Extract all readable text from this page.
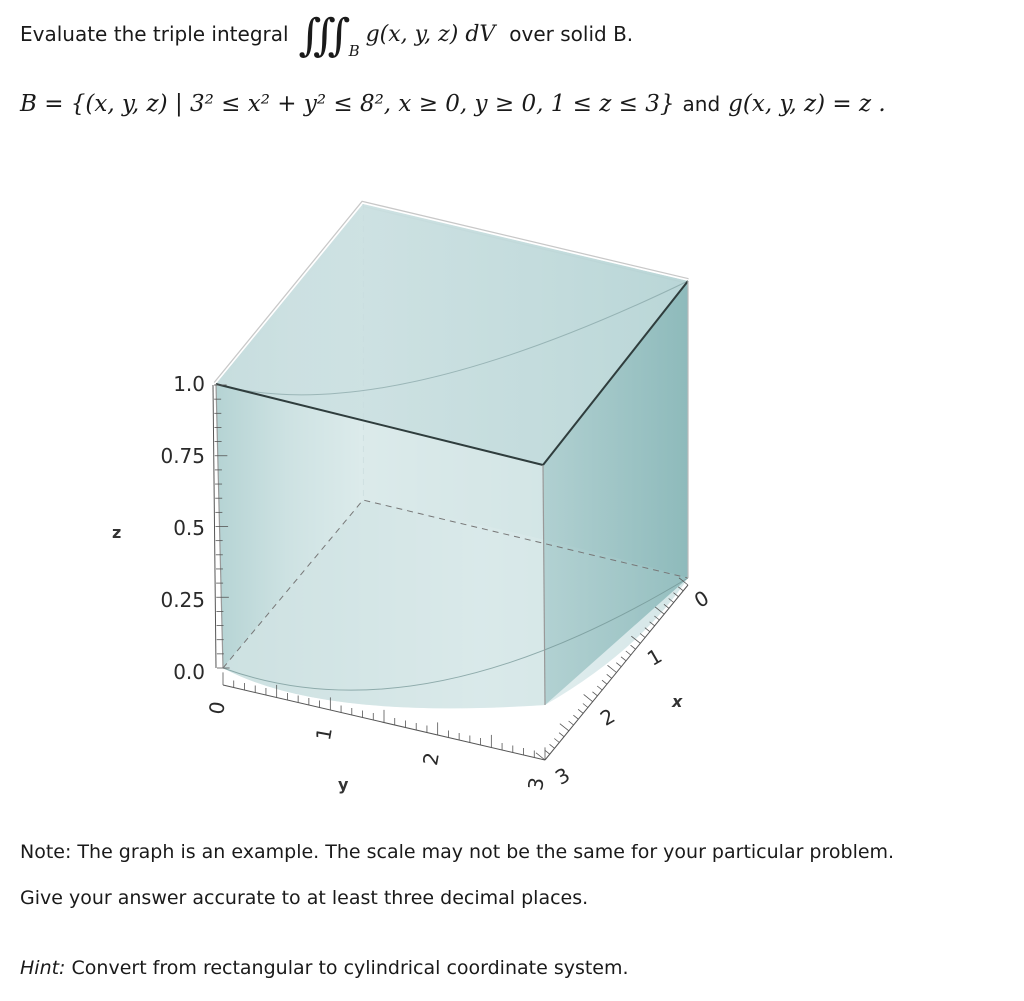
Evaluate the triple integral ∭ B
g(x, y, z) dV over solid B.
B = {(x, y, z) | 3² ≤ x² + y² ≤ 8², x ≥ 0, y ≥ 0, 1 ≤ z ≤ 3} and g(x, y, z) = z .
1.0
0.75
0.5
0.25
0.0
z
0
1
2
3
y	3
2
1
0
x
Note: The graph is an example. The scale may not be the same for your particular problem.
Give your answer accurate to at least three decimal places.
Hint: Convert from rectangular to cylindrical coordinate system.
